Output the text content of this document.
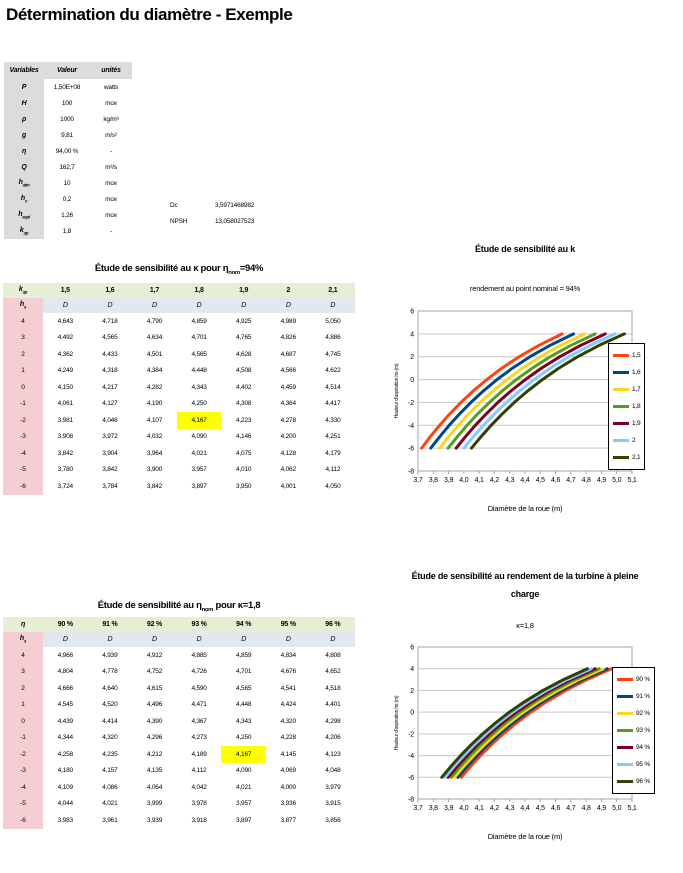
Détermination du diamètre - Exemple
Variables	Valeur	unités
P	1,50E+08	watts
H	100	mce
ρ	1000	kg/m³
g	9,81	m/s²
η	94,00 %	-
Q	162,7	m³/s
$h_{atm}$	10	mce
$h_v$	0,2	mce
$h_{aspi}$	1,26	mce
$k_{ap}$	1,8	-
Dc	3,5971468982
NPSH	13,058027523
Étude de sensibilité au κ pour $\eta_{nom}=94\%$
$k_{ap}$	1,5	1,6	1,7	1,8	1,9	2	2,1
$h_s$	D	D	D	D	D	D	D
4	4,643	4,718	4,790	4,859	4,925	4,989	5,050
3	4,492	4,565	4,634	4,701	4,765	4,826	4,886
2	4,362	4,433	4,501	4,565	4,628	4,687	4,745
1	4,249	4,318	4,384	4,448	4,508	4,566	4,622
0	4,150	4,217	4,282	4,343	4,402	4,459	4,514
-1	4,061	4,127	4,190	4,250	4,308	4,364	4,417
-2	3,981	4,046	4,107	4,167	4,223	4,278	4,330
-3	3,908	3,972	4,032	4,090	4,146	4,200	4,251
-4	3,842	3,904	3,964	4,021	4,075	4,128	4,179
-5	3,780	3,842	3,900	3,957	4,010	4,062	4,112
-6	3,724	3,784	3,842	3,897	3,950	4,001	4,050
Étude de sensibilité au $\eta_{nom}$ pour κ=1,8
η	90 %	91 %	92 %	93 %	94 %	95 %	96 %
$h_s$	D	D	D	D	D	D	D
4	4,966	4,939	4,912	4,885	4,859	4,834	4,808
3	4,804	4,778	4,752	4,726	4,701	4,676	4,652
2	4,666	4,640	4,615	4,590	4,565	4,541	4,518
1	4,545	4,520	4,496	4,471	4,448	4,424	4,401
0	4,439	4,414	4,390	4,367	4,343	4,320	4,298
-1	4,344	4,320	4,296	4,273	4,250	4,228	4,206
-2	4,258	4,235	4,212	4,189	4,167	4,145	4,123
-3	4,180	4,157	4,135	4,112	4,090	4,069	4,048
-4	4,109	4,086	4,064	4,042	4,021	4,000	3,979
-5	4,044	4,021	3,999	3,978	3,957	3,936	3,915
-6	3,983	3,961	3,939	3,918	3,897	3,877	3,856
Étude de sensibilité au k
rendement au point nominal = 94%
6
4
2
0
-2
-4
-6
-8
3,7 3,8 3,9 4,0 4,1 4,2 4,3 4,4 4,5 4,6 4,7 4,8 4,9 5,0 5,1
Diamètre de la roue (m)
Hauteur d'aspiration hs (m)
1,5
1,6
1,7
1,8
1,9
2
2,1
Étude de sensibilité au rendement de la turbine à pleine
charge
κ=1,8
6
4
2
0
-2
-4
-6
-8
3,7 3,8 3,9 4,0 4,1 4,2 4,3 4,4 4,5 4,6 4,7 4,8 4,9 5,0 5,1
Diamètre de la roue (m)
Hauteur d'aspiration hs (m)
90 %
91 %
92 %
93 %
94 %
95 %
96 %
